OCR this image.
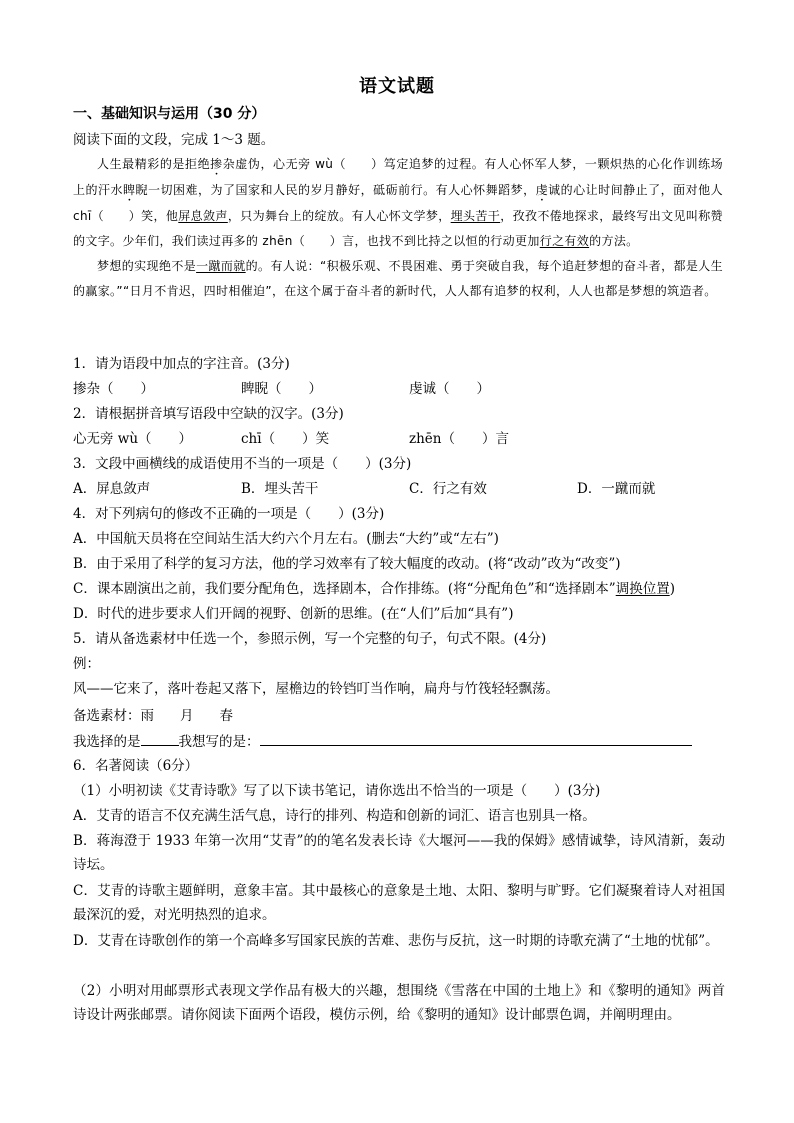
语文试题
一、基础知识与运用（30 分）
阅读下面的文段，完成 1～3 题。

人生最精彩的是拒绝掺杂虚伪，心无旁 wù（　　）笃定追梦的过程。有人心怀军人梦，一颗炽热的心化作训练场上的汗水睥睨一切困难，为了国家和人民的岁月静好，砥砺前行。有人心怀舞蹈梦，虔诚的心让时间静止了，面对他人 chī（　　）笑，他屏息敛声，只为舞台上的绽放。有人心怀文学梦，埋头苦干，孜孜不倦地探求，最终写出文见叫称赞的文字。少年们，我们读过再多的 zhēn（　　）言，也找不到比持之以恒的行动更加行之有效的方法。

梦想的实现绝不是一蹴而就的。有人说：“积极乐观、不畏困难、勇于突破自我，每个追赶梦想的奋斗者，都是人生的赢家。”“日月不肯迟，四时相催迫”，在这个属于奋斗者的新时代，人人都有追梦的权利，人人也都是梦想的筑造者。

1．请为语段中加点的字注音。(3分)
掺杂（　　）	睥睨（　　）	虔诚（　　）
2．请根据拼音填写语段中空缺的汉字。(3分)
心无旁 wù（　　）	chī（　　）笑	zhēn（　　）言
3．文段中画横线的成语使用不当的一项是（　　）(3分)
A．屏息敛声	B．埋头苦干	C．行之有效	D．一蹴而就
4．对下列病句的修改不正确的一项是（　　）(3分)
A．中国航天员将在空间站生活大约六个月左右。(删去“大约”或“左右”)
B．由于采用了科学的复习方法，他的学习效率有了较大幅度的改动。(将“改动”改为“改变”)
C．课本剧演出之前，我们要分配角色，选择剧本，合作排练。(将“分配角色”和“选择剧本”调换位置)
D．时代的进步要求人们开阔的视野、创新的思维。(在“人们”后加“具有”)
5．请从备选素材中任选一个，参照示例，写一个完整的句子，句式不限。(4分)
例：
风——它来了，落叶卷起又落下，屋檐边的铃铛叮当作响，扁舟与竹筏轻轻飘荡。
备选素材：雨 月 春
我选择的是	我想写的是：
6．名著阅读（6分）
（1）小明初读《艾青诗歌》写了以下读书笔记，请你选出不恰当的一项是（　　）(3分)
A．艾青的语言不仅充满生活气息，诗行的排列、构造和创新的词汇、语言也别具一格。
B．蒋海澄于 1933 年第一次用“艾青”的的笔名发表长诗《大堰河——我的保姆》感情诚挚，诗风清新，轰动诗坛。
C．艾青的诗歌主题鲜明，意象丰富。其中最核心的意象是土地、太阳、黎明与旷野。它们凝聚着诗人对祖国最深沉的爱，对光明热烈的追求。
D．艾青在诗歌创作的第一个高峰多写国家民族的苦难、悲伤与反抗，这一时期的诗歌充满了“土地的忧郁”。
（2）小明对用邮票形式表现文学作品有极大的兴趣，想围绕《雪落在中国的土地上》和《黎明的通知》两首诗设计两张邮票。请你阅读下面两个语段，模仿示例，给《黎明的通知》设计邮票色调，并阐明理由。
